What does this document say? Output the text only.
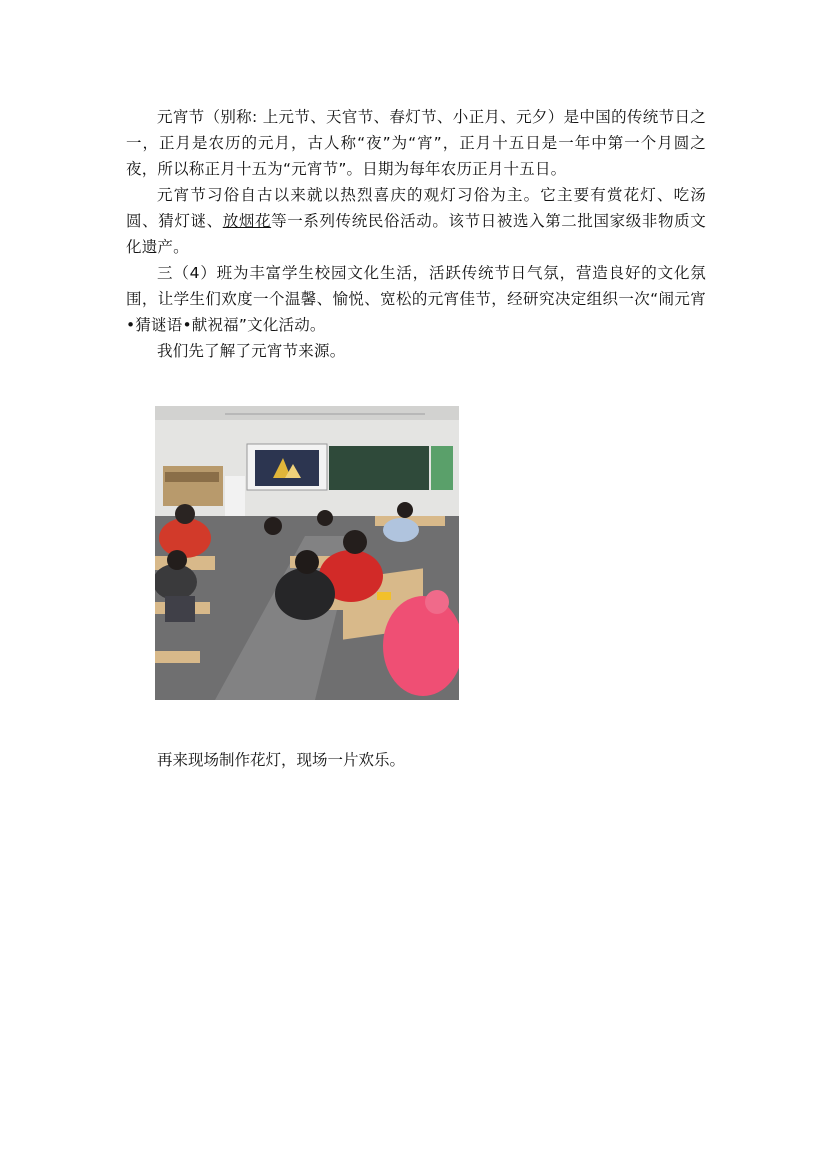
元宵节（别称: 上元节、天官节、春灯节、小正月、元夕）是中国的传统节日之一，正月是农历的元月，古人称“夜”为“宵”，正月十五日是一年中第一个月圆之夜，所以称正月十五为“元宵节”。日期为每年农历正月十五日。

元宵节习俗自古以来就以热烈喜庆的观灯习俗为主。它主要有赏花灯、吃汤圆、猜灯谜、放烟花等一系列传统民俗活动。该节日被选入第二批国家级非物质文化遗产。

三（4）班为丰富学生校园文化生活，活跃传统节日气氛，营造良好的文化氛围，让学生们欢度一个温馨、愉悦、宽松的元宵佳节，经研究决定组织一次“闹元宵•猜谜语•献祝福”文化活动。

我们先了解了元宵节来源。

再来现场制作花灯，现场一片欢乐。
